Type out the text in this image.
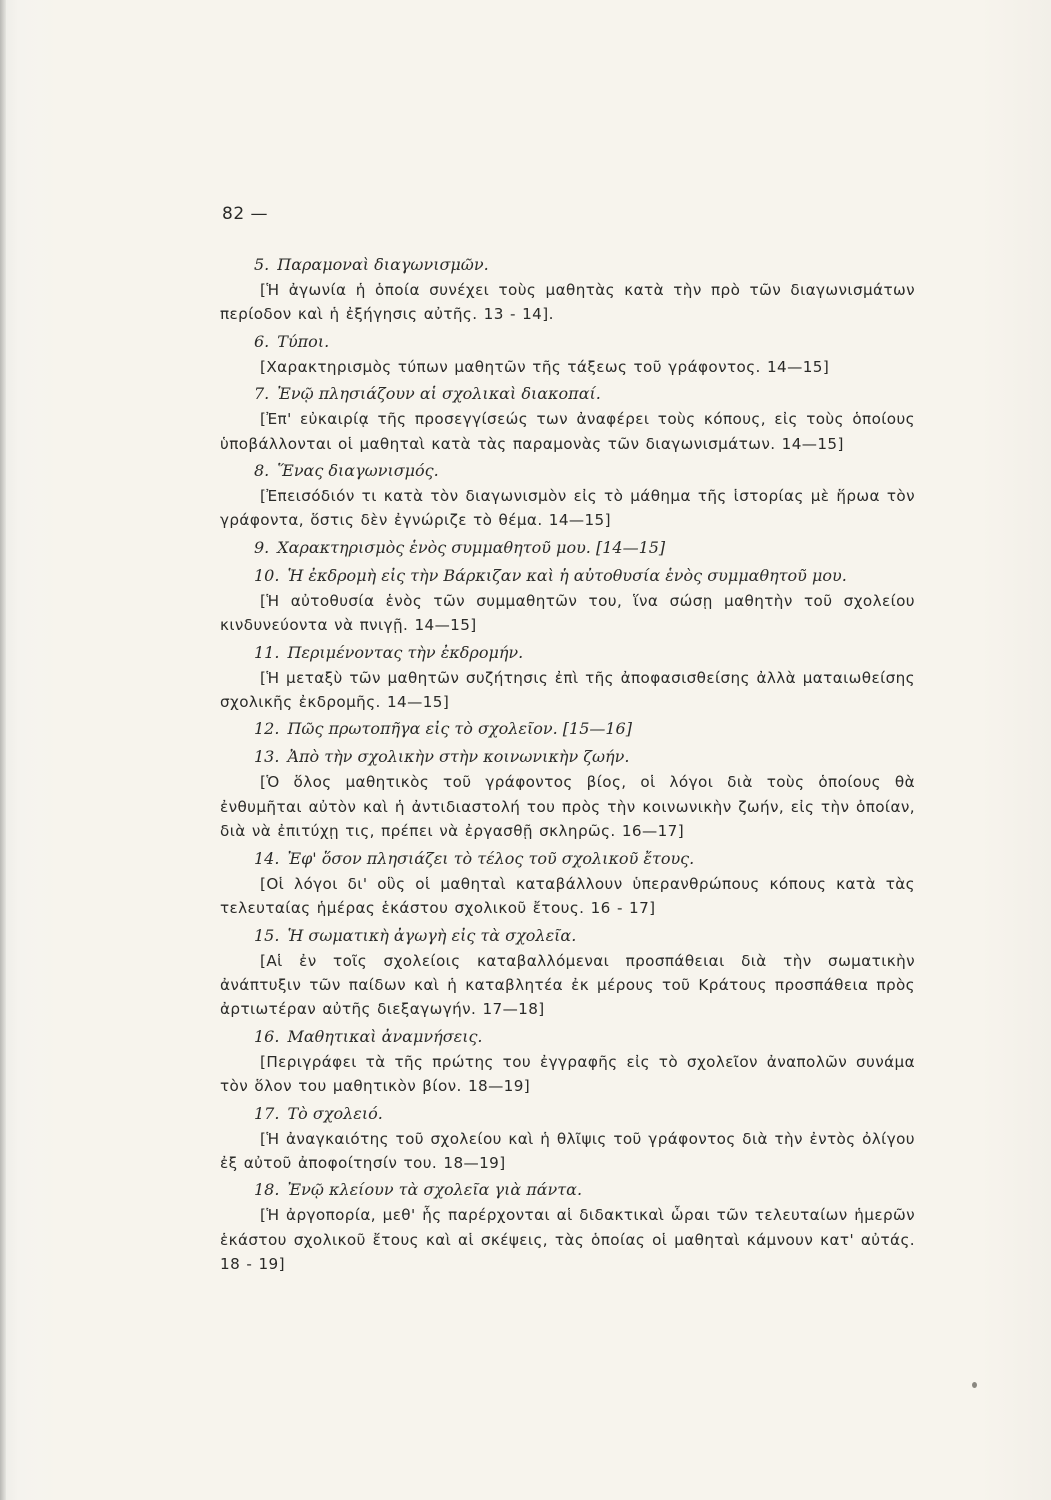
82 —
5. Παραμοναὶ διαγωνισμῶν.
[Ἡ ἀγωνία ἡ ὁποία συνέχει τοὺς μαθητὰς κατὰ τὴν πρὸ τῶν διαγωνισμάτων περίοδον καὶ ἡ ἐξήγησις αὐτῆς. 13 - 14].
6. Τύποι.
[Χαρακτηρισμὸς τύπων μαθητῶν τῆς τάξεως τοῦ γράφοντος. 14—15]
7. Ἐνῷ πλησιάζουν αἱ σχολικαὶ διακοπαί.
[Ἐπ' εὐκαιρίᾳ τῆς προσεγγίσεώς των ἀναφέρει τοὺς κόπους, εἰς τοὺς ὁποίους ὑποβάλλονται οἱ μαθηταὶ κατὰ τὰς παραμονὰς τῶν διαγωνισμάτων. 14—15]
8. Ἕνας διαγωνισμός.
[Ἐπεισόδιόν τι κατὰ τὸν διαγωνισμὸν εἰς τὸ μάθημα τῆς ἱστορίας μὲ ἥρωα τὸν γράφοντα, ὅστις δὲν ἐγνώριζε τὸ θέμα. 14—15]
9. Χαρακτηρισμὸς ἑνὸς συμμαθητοῦ μου. [14—15]
10. Ἡ ἐκδρομὴ εἰς τὴν Βάρκιζαν καὶ ἡ αὐτοθυσία ἑνὸς συμμαθητοῦ μου.
[Ἡ αὐτοθυσία ἑνὸς τῶν συμμαθητῶν του, ἵνα σώσῃ μαθητὴν τοῦ σχολείου κινδυνεύοντα νὰ πνιγῇ. 14—15]
11. Περιμένοντας τὴν ἐκδρομήν.
[Ἡ μεταξὺ τῶν μαθητῶν συζήτησις ἐπὶ τῆς ἀποφασισθείσης ἀλλὰ ματαιωθείσης σχολικῆς ἐκδρομῆς. 14—15]
12. Πῶς πρωτοπῆγα εἰς τὸ σχολεῖον. [15—16]
13. Ἀπὸ τὴν σχολικὴν στὴν κοινωνικὴν ζωήν.
[Ὁ ὅλος μαθητικὸς τοῦ γράφοντος βίος, οἱ λόγοι διὰ τοὺς ὁποίους θὰ ἐνθυμῆται αὐτὸν καὶ ἡ ἀντιδιαστολή του πρὸς τὴν κοινωνικὴν ζωήν, εἰς τὴν ὁποίαν, διὰ νὰ ἐπιτύχῃ τις, πρέπει νὰ ἐργασθῇ σκληρῶς. 16—17]
14. Ἐφ' ὅσον πλησιάζει τὸ τέλος τοῦ σχολικοῦ ἔτους.
[Οἱ λόγοι δι' οὓς οἱ μαθηταὶ καταβάλλουν ὑπερανθρώπους κόπους κατὰ τὰς τελευταίας ἡμέρας ἑκάστου σχολικοῦ ἔτους. 16 - 17]
15. Ἡ σωματικὴ ἀγωγὴ εἰς τὰ σχολεῖα.
[Αἱ ἐν τοῖς σχολείοις καταβαλλόμεναι προσπάθειαι διὰ τὴν σωματικὴν ἀνάπτυξιν τῶν παίδων καὶ ἡ καταβλητέα ἐκ μέρους τοῦ Κράτους προσπάθεια πρὸς ἀρτιωτέραν αὐτῆς διεξαγωγήν. 17—18]
16. Μαθητικαὶ ἀναμνήσεις.
[Περιγράφει τὰ τῆς πρώτης του ἐγγραφῆς εἰς τὸ σχολεῖον ἀναπολῶν συνάμα τὸν ὅλον του μαθητικὸν βίον. 18—19]
17. Τὸ σχολειό.
[Ἡ ἀναγκαιότης τοῦ σχολείου καὶ ἡ θλῖψις τοῦ γράφοντος διὰ τὴν ἐντὸς ὀλίγου ἐξ αὐτοῦ ἀποφοίτησίν του. 18—19]
18. Ἐνῷ κλείουν τὰ σχολεῖα γιὰ πάντα.
[Ἡ ἀργοπορία, μεθ' ἧς παρέρχονται αἱ διδακτικαὶ ὧραι τῶν τελευταίων ἡμερῶν ἑκάστου σχολικοῦ ἔτους καὶ αἱ σκέψεις, τὰς ὁποίας οἱ μαθηταὶ κάμνουν κατ' αὐτάς. 18 - 19]
